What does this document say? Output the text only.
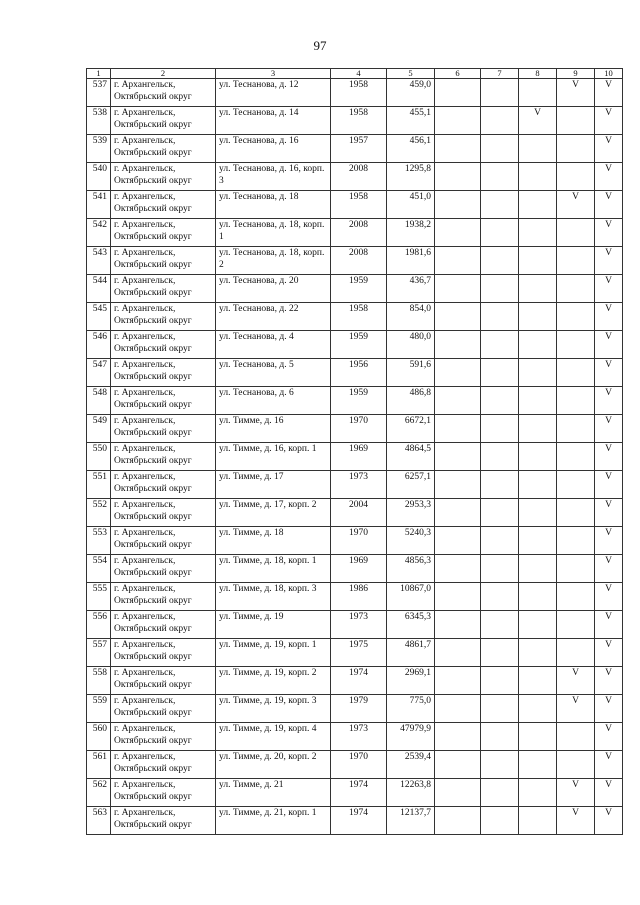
97
1	2	3	4	5	6	7	8	9	10
537	г. Архангельск, Октябрьский округ	ул. Теснанова, д. 12	1958	459,0				V	V
538	г. Архангельск, Октябрьский округ	ул. Теснанова, д. 14	1958	455,1			V		V
539	г. Архангельск, Октябрьский округ	ул. Теснанова, д. 16	1957	456,1					V
540	г. Архангельск, Октябрьский округ	ул. Теснанова, д. 16, корп. 3	2008	1295,8					V
541	г. Архангельск, Октябрьский округ	ул. Теснанова, д. 18	1958	451,0				V	V
542	г. Архангельск, Октябрьский округ	ул. Теснанова, д. 18, корп. 1	2008	1938,2					V
543	г. Архангельск, Октябрьский округ	ул. Теснанова, д. 18, корп. 2	2008	1981,6					V
544	г. Архангельск, Октябрьский округ	ул. Теснанова, д. 20	1959	436,7					V
545	г. Архангельск, Октябрьский округ	ул. Теснанова, д. 22	1958	854,0					V
546	г. Архангельск, Октябрьский округ	ул. Теснанова, д. 4	1959	480,0					V
547	г. Архангельск, Октябрьский округ	ул. Теснанова, д. 5	1956	591,6					V
548	г. Архангельск, Октябрьский округ	ул. Теснанова, д. 6	1959	486,8					V
549	г. Архангельск, Октябрьский округ	ул. Тимме, д. 16	1970	6672,1					V
550	г. Архангельск, Октябрьский округ	ул. Тимме, д. 16, корп. 1	1969	4864,5					V
551	г. Архангельск, Октябрьский округ	ул. Тимме, д. 17	1973	6257,1					V
552	г. Архангельск, Октябрьский округ	ул. Тимме, д. 17, корп. 2	2004	2953,3					V
553	г. Архангельск, Октябрьский округ	ул. Тимме, д. 18	1970	5240,3					V
554	г. Архангельск, Октябрьский округ	ул. Тимме, д. 18, корп. 1	1969	4856,3					V
555	г. Архангельск, Октябрьский округ	ул. Тимме, д. 18, корп. 3	1986	10867,0					V
556	г. Архангельск, Октябрьский округ	ул. Тимме, д. 19	1973	6345,3					V
557	г. Архангельск, Октябрьский округ	ул. Тимме, д. 19, корп. 1	1975	4861,7					V
558	г. Архангельск, Октябрьский округ	ул. Тимме, д. 19, корп. 2	1974	2969,1				V	V
559	г. Архангельск, Октябрьский округ	ул. Тимме, д. 19, корп. 3	1979	775,0				V	V
560	г. Архангельск, Октябрьский округ	ул. Тимме, д. 19, корп. 4	1973	47979,9					V
561	г. Архангельск, Октябрьский округ	ул. Тимме, д. 20, корп. 2	1970	2539,4					V
562	г. Архангельск, Октябрьский округ	ул. Тимме, д. 21	1974	12263,8				V	V
563	г. Архангельск, Октябрьский округ	ул. Тимме, д. 21, корп. 1	1974	12137,7				V	V
